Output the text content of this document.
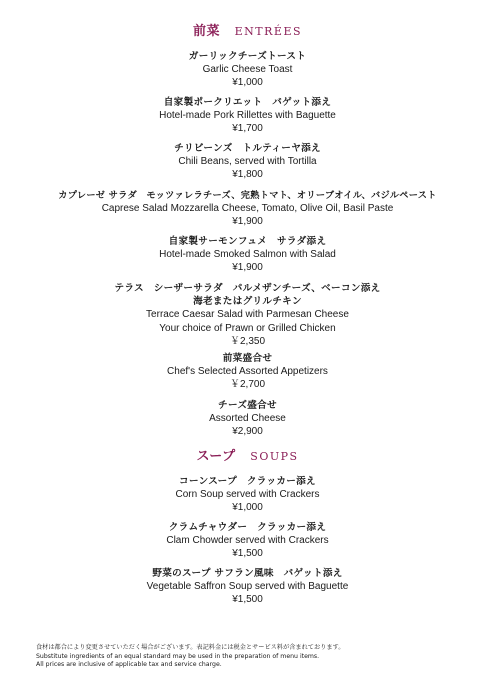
前菜 ENTRÉES
ガーリックチーズトースト
Garlic Cheese Toast
¥1,000
自家製ポークリエット　バゲット添え
Hotel-made Pork Rillettes with Baguette
¥1,700
チリビーンズ　トルティーヤ添え
Chili Beans, served with Tortilla
¥1,800
カプレーゼ サラダ　モッツァレラチーズ、完熟トマト、オリーブオイル、バジルペースト
Caprese Salad Mozzarella Cheese, Tomato, Olive Oil, Basil Paste
¥1,900
自家製サーモンフュメ　サラダ添え
Hotel-made Smoked Salmon with Salad
¥1,900
テラス　シーザーサラダ　パルメザンチーズ、ベーコン添え
海老またはグリルチキン
Terrace Caesar Salad with Parmesan Cheese
Your choice of Prawn or Grilled Chicken
￥2,350
前菜盛合せ
Chef's Selected Assorted Appetizers
￥2,700
チーズ盛合せ
Assorted Cheese
¥2,900
スープ SOUPS
コーンスープ　クラッカー添え
Corn Soup served with Crackers
¥1,000
クラムチャウダー　クラッカー添え
Clam Chowder served with Crackers
¥1,500
野菜のスープ サフラン風味　バゲット添え
Vegetable Saffron Soup served with Baguette
¥1,500
食材は都合により変更させていただく場合がございます。表記料金には税金とサービス料が含まれております。
Substitute ingredients of an equal standard may be used in the preparation of menu items.
All prices are inclusive of applicable tax and service charge.
